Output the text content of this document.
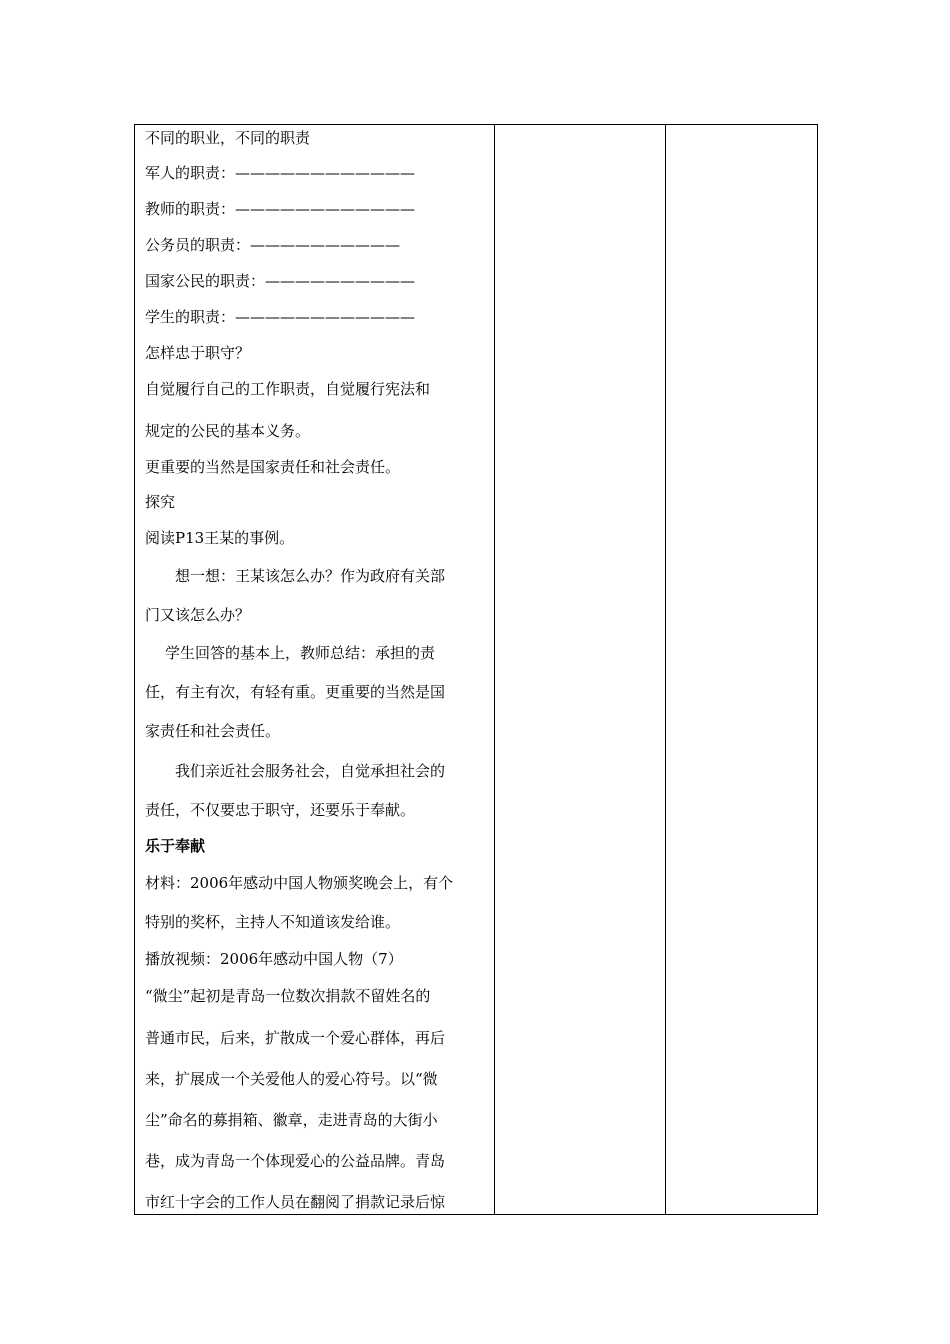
不同的职业，不同的职责
军人的职责：————————————
教师的职责：————————————
公务员的职责：——————————
国家公民的职责：——————————
学生的职责：————————————
怎样忠于职守？
自觉履行自己的工作职责，自觉履行宪法和
规定的公民的基本义务。
更重要的当然是国家责任和社会责任。
探究
阅读P13王某的事例。
想一想：王某该怎么办？作为政府有关部
门又该怎么办？
学生回答的基本上，教师总结：承担的责
任，有主有次，有轻有重。更重要的当然是国
家责任和社会责任。
我们亲近社会服务社会，自觉承担社会的
责任，不仅要忠于职守，还要乐于奉献。
乐于奉献
材料：2006年感动中国人物颁奖晚会上，有个
特别的奖杯，主持人不知道该发给谁。
播放视频：2006年感动中国人物（7）
“微尘”起初是青岛一位数次捐款不留姓名的
普通市民，后来，扩散成一个爱心群体，再后
来，扩展成一个关爱他人的爱心符号。以“微
尘”命名的募捐箱、徽章，走进青岛的大街小
巷，成为青岛一个体现爱心的公益品牌。青岛
市红十字会的工作人员在翻阅了捐款记录后惊
